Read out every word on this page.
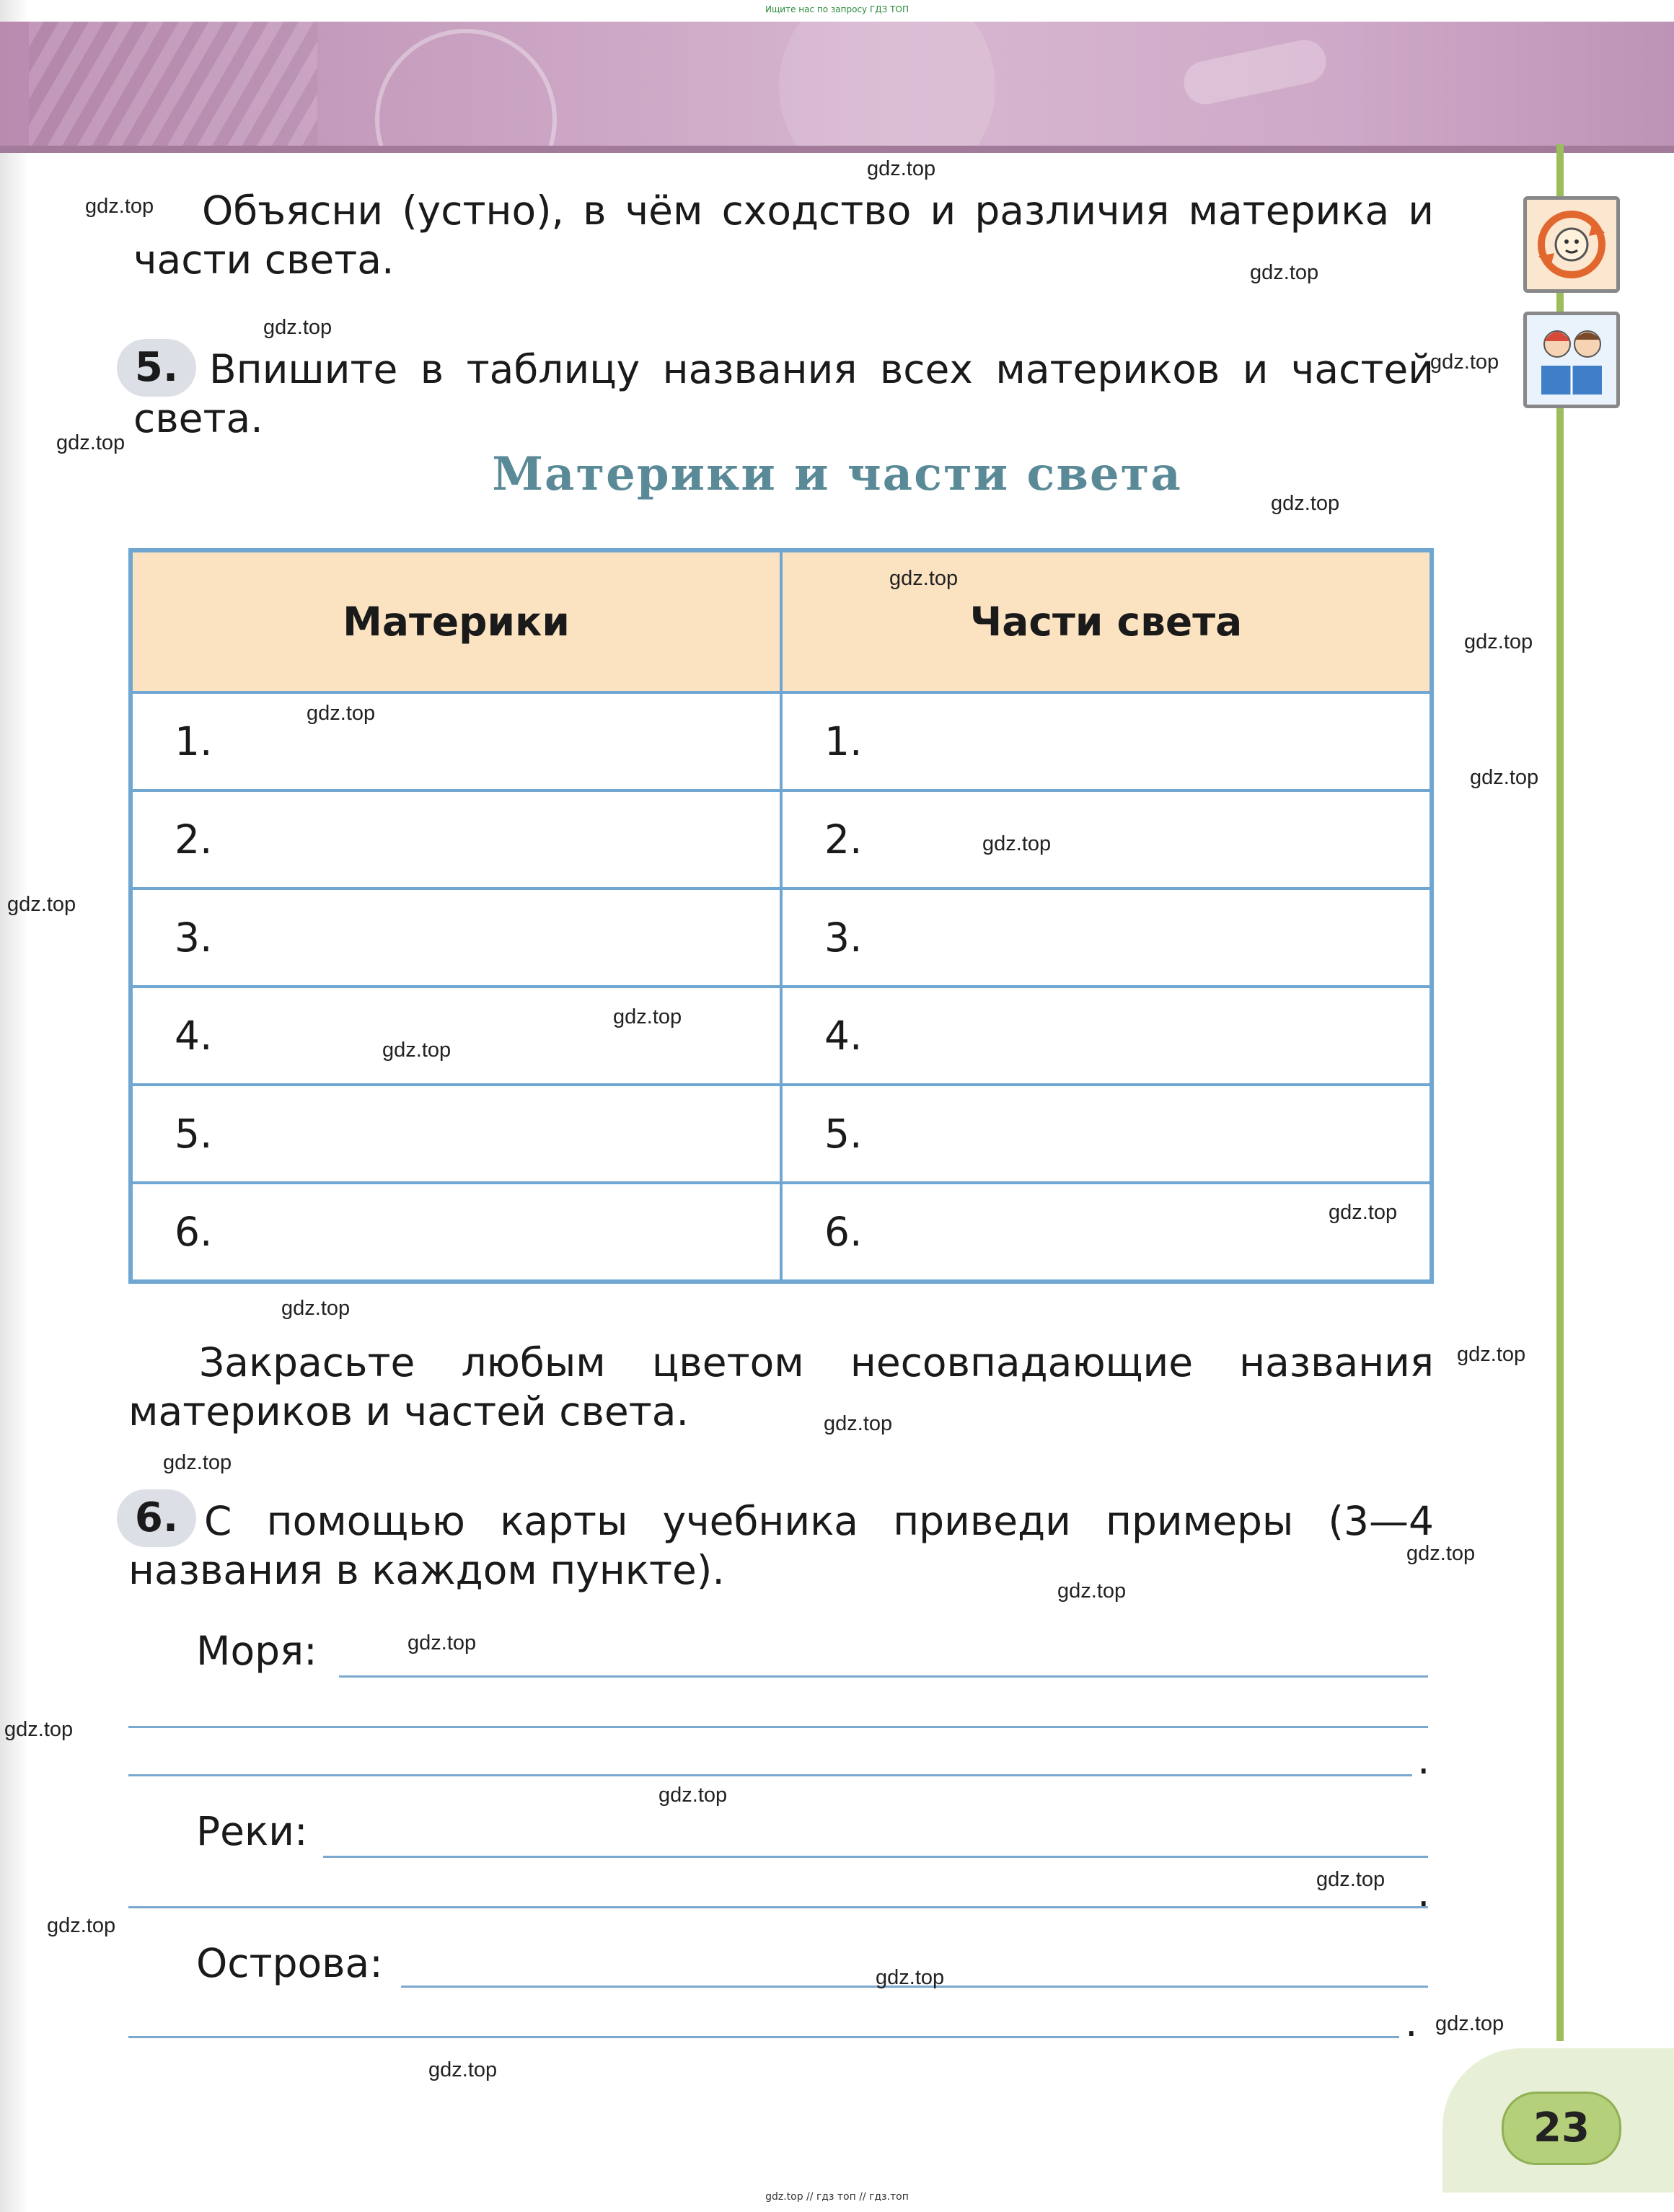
Ищите нас по запросу ГДЗ ТОП
Объясни (устно), в чём сходство и различия материка и части света.
5. Впишите в таблицу названия всех материков и частей света.
Материки и части света
Материки	Части света
1.	1.
2.	2.
3.	3.
4.	4.
5.	5.
6.	6.
Закрасьте любым цветом несовпадающие названия материков и частей света.
6. С помощью карты учебника приведи примеры (3—4 названия в каждом пункте).
Моря:
.
Реки:
.
Острова:
.
23
gdz.top
gdz.top
gdz.top
gdz.top
gdz.top
gdz.top
gdz.top
gdz.top
gdz.top
gdz.top
gdz.top
gdz.top
gdz.top
gdz.top
gdz.top
gdz.top
gdz.top
gdz.top
gdz.top
gdz.top
gdz.top
gdz.top
gdz.top
gdz.top
gdz.top
gdz.top
gdz.top
gdz.top
gdz.top
gdz.top
gdz.top // гдз топ // гдз.топ
